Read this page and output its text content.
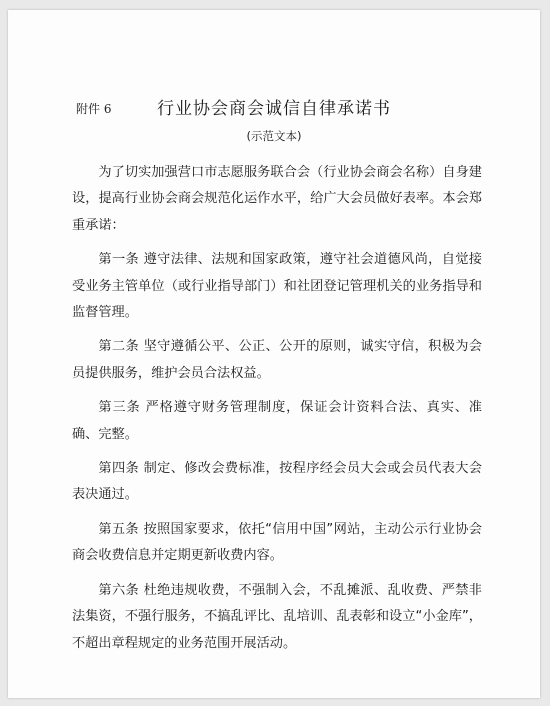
附件 6	行业协会商会诚信自律承诺书
(示范文本)

为了切实加强营口市志愿服务联合会（行业协会商会名称）自身建设，提高行业协会商会规范化运作水平，给广大会员做好表率。本会郑重承诺：

第一条 遵守法律、法规和国家政策，遵守社会道德风尚，自觉接受业务主管单位（或行业指导部门）和社团登记管理机关的业务指导和监督管理。

第二条 坚守遵循公平、公正、公开的原则，诚实守信，积极为会员提供服务，维护会员合法权益。

第三条 严格遵守财务管理制度，保证会计资料合法、真实、准确、完整。

第四条 制定、修改会费标准，按程序经会员大会或会员代表大会表决通过。

第五条 按照国家要求，依托“信用中国”网站，主动公示行业协会商会收费信息并定期更新收费内容。

第六条 杜绝违规收费，不强制入会，不乱摊派、乱收费、严禁非法集资，不强行服务，不搞乱评比、乱培训、乱表彰和设立“小金库”，不超出章程规定的业务范围开展活动。
